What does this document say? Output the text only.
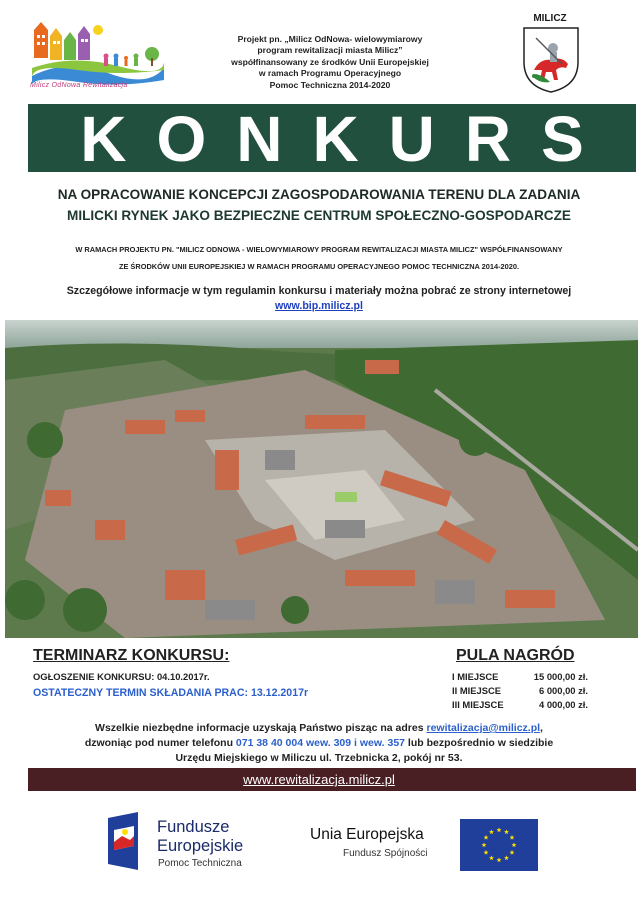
Milicz OdNowa Rewitalizacja
Projekt pn. „Milicz OdNowa- wielowymiarowy
program rewitalizacji miasta Milicz”
współfinansowany ze środków Unii Europejskiej
w ramach Programu Operacyjnego
Pomoc Techniczna 2014-2020
MILICZ
KONKURS
NA OPRACOWANIE KONCEPCJI ZAGOSPODAROWANIA TERENU DLA ZADANIA
MILICKI RYNEK JAKO BEZPIECZNE CENTRUM SPOŁECZNO-GOSPODARCZE
W RAMACH PROJEKTU PN. "MILICZ ODNOWA - WIELOWYMIAROWY PROGRAM REWITALIZACJI MIASTA MILICZ" WSPÓŁFINANSOWANY
ZE ŚRODKÓW UNII EUROPEJSKIEJ W RAMACH PROGRAMU OPERACYJNEGO POMOC TECHNICZNA 2014-2020.
Szczegółowe informacje w tym regulamin konkursu i materiały można pobrać ze strony internetowej
www.bip.milicz.pl
TERMINARZ KONKURSU:
OGŁOSZENIE KONKURSU: 04.10.2017r.
OSTATECZNY TERMIN SKŁADANIA PRAC: 13.12.2017r
PULA NAGRÓD
I MIEJSCE	15 000,00 zł.
II MIEJSCE	6 000,00 zł.
III MIEJSCE	4 000,00 zł.
Wszelkie niezbędne informacje uzyskają Państwo pisząc na adres rewitalizacja@milicz.pl,
dzwoniąc pod numer telefonu 071 38 40 004 wew. 309 i wew. 357 lub bezpośrednio w siedzibie
Urzędu Miejskiego w Miliczu ul. Trzebnicka 2, pokój nr 53.
www.rewitalizacja.milicz.pl
Fundusze
Europejskie
Pomoc Techniczna
Unia Europejska
Fundusz Spójności
